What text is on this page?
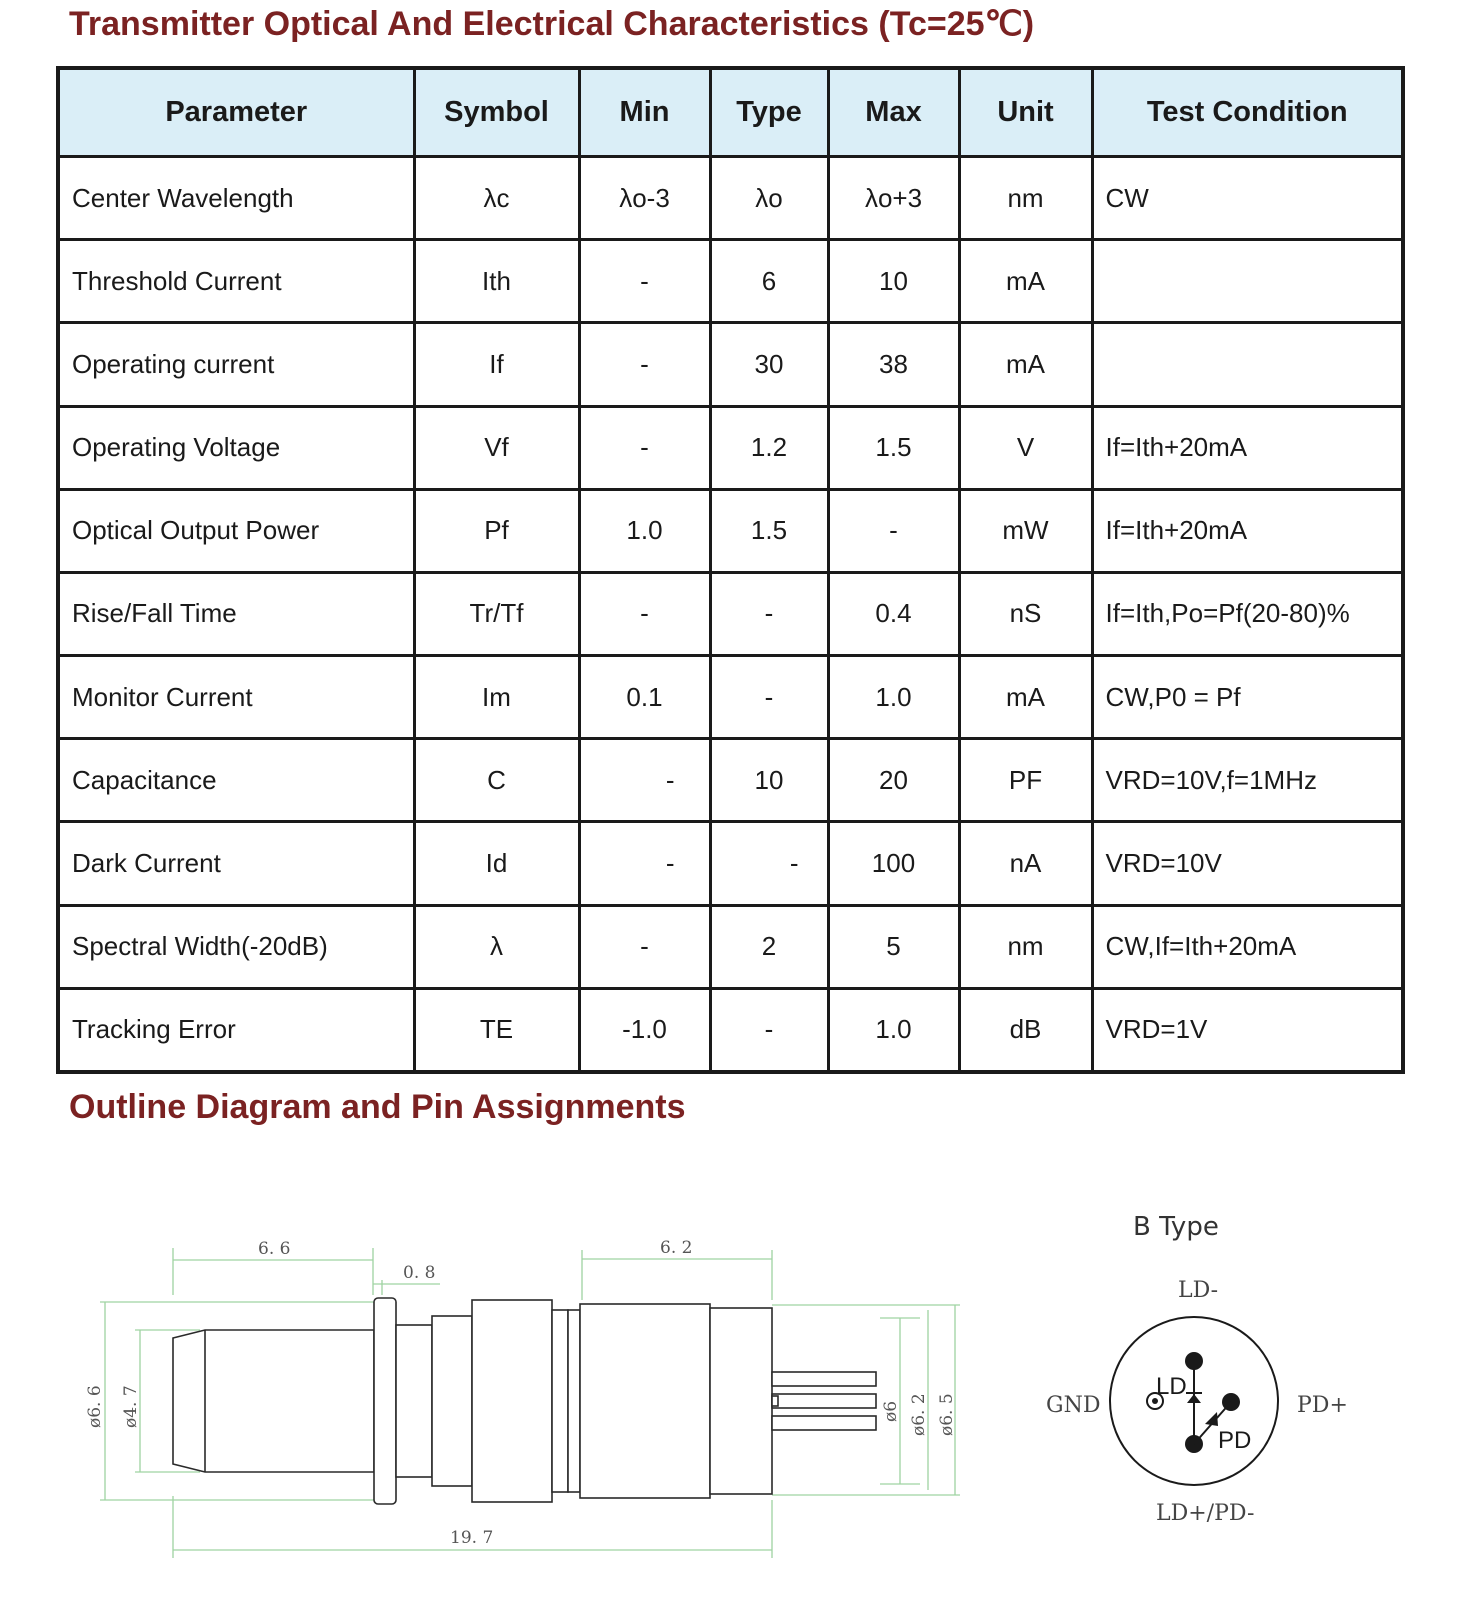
Transmitter Optical And Electrical Characteristics (Tc=25℃)
Parameter	Symbol	Min	Type	Max	Unit	Test Condition
Center Wavelength	λc	λo-3	λo	λo+3	nm	CW
Threshold Current	Ith	-	6	10	mA	
Operating current	If	-	30	38	mA	
Operating Voltage	Vf	-	1.2	1.5	V	If=Ith+20mA
Optical Output Power	Pf	1.0	1.5	-	mW	If=Ith+20mA
Rise/Fall Time	Tr/Tf	-	-	0.4	nS	If=Ith,Po=Pf(20-80)%
Monitor Current	Im	0.1	-	1.0	mA	CW,P0 = Pf
Capacitance	C	-	10	20	PF	VRD=10V,f=1MHz
Dark Current	Id	-	-	100	nA	VRD=10V
Spectral Width(-20dB)	λ	-	2	5	nm	CW,If=Ith+20mA
Tracking Error	TE	-1.0	-	1.0	dB	VRD=1V
Outline Diagram and Pin Assignments
6. 6
0. 8
6. 2
19. 7
ø6. 6 ø4. 7	ø6 ø6. 2 ø6. 5
B Type
LD-
GND	PD+
LD+/PD-
LD
PD
